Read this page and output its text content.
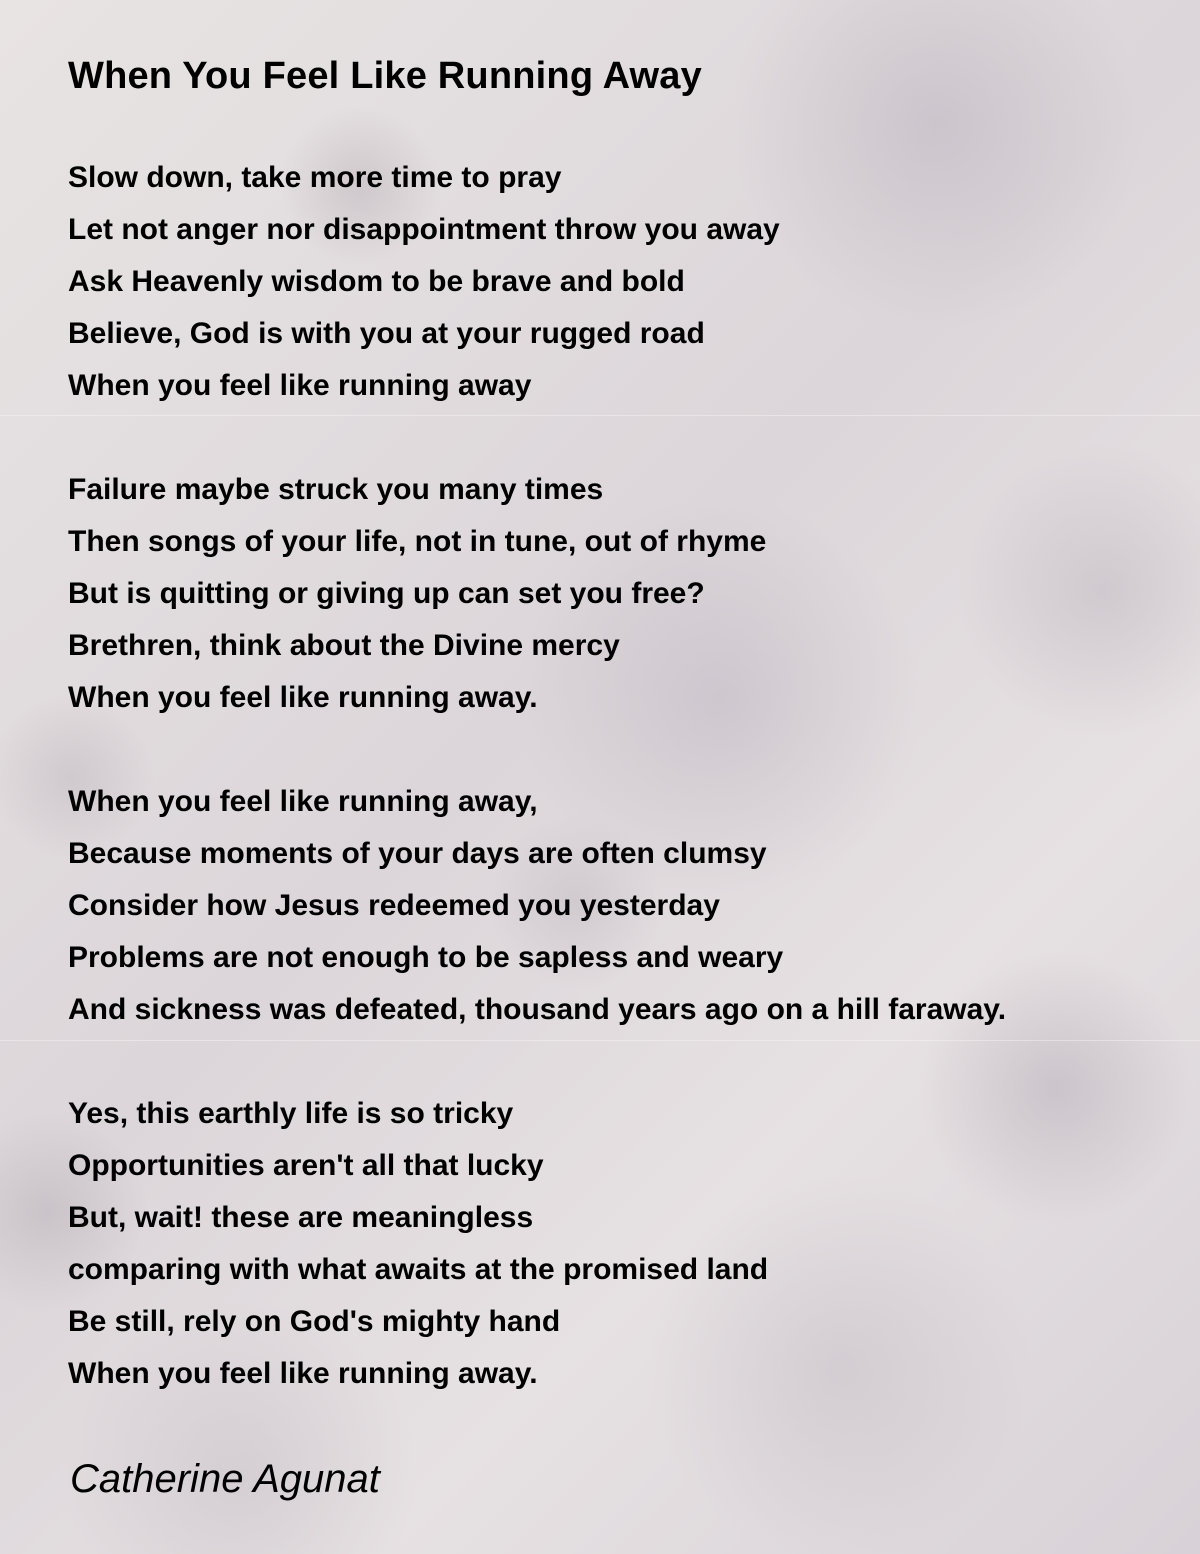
When You Feel Like Running Away
Slow down, take more time to pray
Let not anger nor disappointment throw you away
Ask Heavenly wisdom to be brave and bold
Believe, God is with you at your rugged road
When you feel like running away
Failure maybe struck you many times
Then songs of your life, not in tune, out of rhyme
But is quitting or giving up can set you free?
Brethren, think about the Divine mercy
When you feel like running away.
When you feel like running away,
Because moments of your days are often clumsy
Consider how Jesus redeemed you yesterday
Problems are not enough to be sapless and weary
And sickness was defeated, thousand years ago on a hill faraway.
Yes, this earthly life is so tricky
Opportunities aren't all that lucky
But, wait! these are meaningless
comparing with what awaits at the promised land
Be still, rely on God's mighty hand
When you feel like running away.
Catherine Agunat
